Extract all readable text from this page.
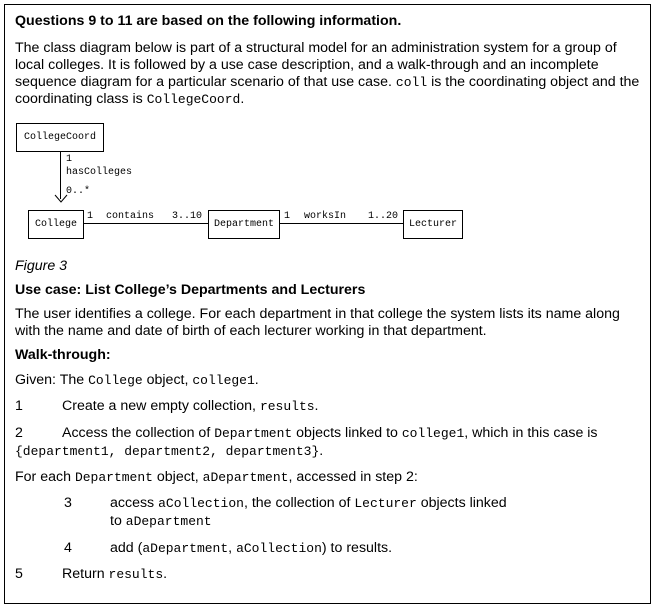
Questions 9 to 11 are based on the following information.
The class diagram below is part of a structural model for an administration system for a group of local colleges. It is followed by a use case description, and a walk-through and an incomplete sequence diagram for a particular scenario of that use case. coll is the coordinating object and the coordinating class is CollegeCoord.
CollegeCoord
1
hasColleges
0..*
College
1 contains 3..10
Department
1 worksIn 1..20
Lecturer
Figure 3
Use case: List College’s Departments and Lecturers
The user identifies a college. For each department in that college the system lists its name along with the name and date of birth of each lecturer working in that department.
Walk-through:
Given: The College object, college1.
1	Create a new empty collection, results.
2	Access the collection of Department objects linked to college1, which in this case is
{department1, department2, department3}.
For each Department object, aDepartment, accessed in step 2:
3	access aCollection, the collection of Lecturer objects linked
to aDepartment
4	add (aDepartment, aCollection) to results.
5	Return results.
